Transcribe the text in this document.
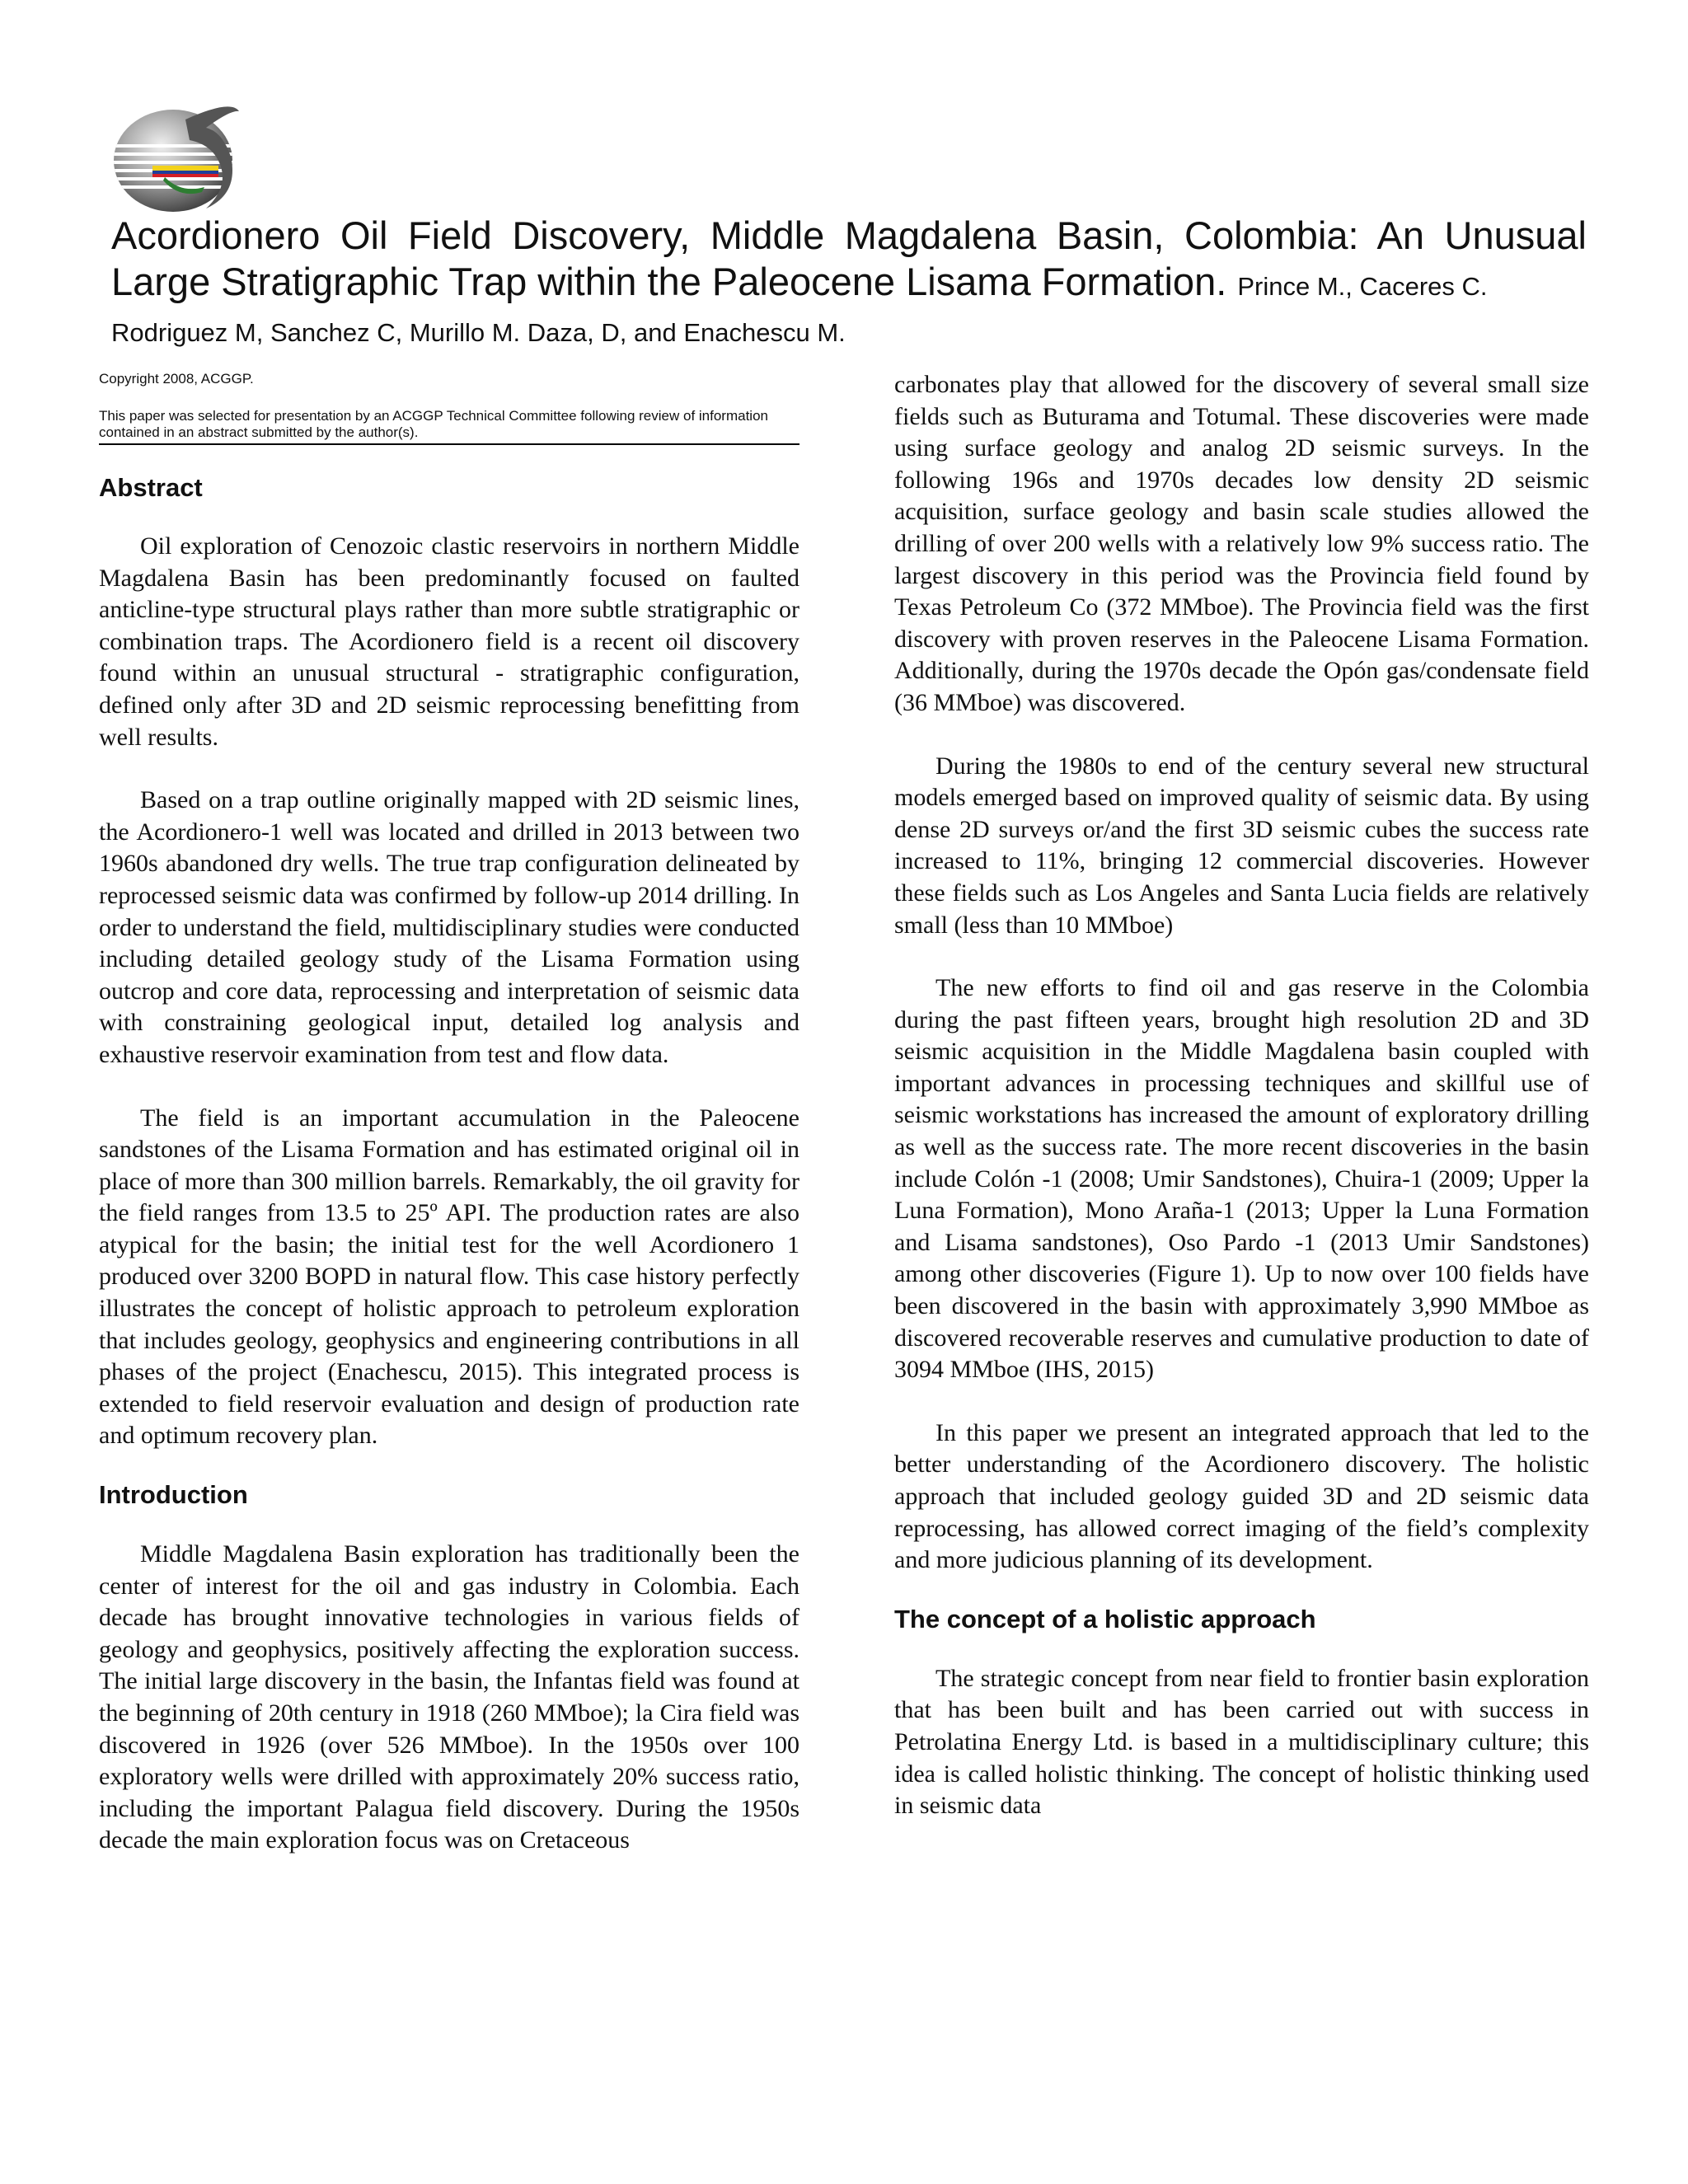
Acordionero Oil Field Discovery, Middle Magdalena Basin, Colombia: An Unusual

Large Stratigraphic Trap within the Paleocene Lisama Formation. Prince M., Caceres C.

Rodriguez M, Sanchez C, Murillo M. Daza, D, and Enachescu M.

Copyright 2008, ACGGP.

This paper was selected for presentation by an ACGGP Technical Committee following review of information contained in an abstract submitted by the author(s).

Abstract

Oil exploration of Cenozoic clastic reservoirs in northern Middle Magdalena Basin has been predominantly focused on faulted anticline-type structural plays rather than more subtle stratigraphic or combination traps. The Acordionero field is a recent oil discovery found within an unusual structural - stratigraphic configuration, defined only after 3D and 2D seismic reprocessing benefitting from well results.

Based on a trap outline originally mapped with 2D seismic lines, the Acordionero-1 well was located and drilled in 2013 between two 1960s abandoned dry wells. The true trap configuration delineated by reprocessed seismic data was confirmed by follow-up 2014 drilling. In order to understand the field, multidisciplinary studies were conducted including detailed geology study of the Lisama Formation using outcrop and core data, reprocessing and interpretation of seismic data with constraining geological input, detailed log analysis and exhaustive reservoir examination from test and flow data.

The field is an important accumulation in the Paleocene sandstones of the Lisama Formation and has estimated original oil in place of more than 300 million barrels. Remarkably, the oil gravity for the field ranges from 13.5 to 25º API. The production rates are also atypical for the basin; the initial test for the well Acordionero 1 produced over 3200 BOPD in natural flow. This case history perfectly illustrates the concept of holistic approach to petroleum exploration that includes geology, geophysics and engineering contributions in all phases of the project (Enachescu, 2015). This integrated process is extended to field reservoir evaluation and design of production rate and optimum recovery plan.

Introduction

Middle Magdalena Basin exploration has traditionally been the center of interest for the oil and gas industry in Colombia. Each decade has brought innovative technologies in various fields of geology and geophysics, positively affecting the exploration success. The initial large discovery in the basin, the Infantas field was found at the beginning of 20th century in 1918 (260 MMboe); la Cira field was discovered in 1926 (over 526 MMboe). In the 1950s over 100 exploratory wells were drilled with approximately 20% success ratio, including the important Palagua field discovery. During the 1950s decade the main exploration focus was on Cretaceous

carbonates play that allowed for the discovery of several small size fields such as Buturama and Totumal. These discoveries were made using surface geology and analog 2D seismic surveys. In the following 196s and 1970s decades low density 2D seismic acquisition, surface geology and basin scale studies allowed the drilling of over 200 wells with a relatively low 9% success ratio. The largest discovery in this period was the Provincia field found by Texas Petroleum Co (372 MMboe). The Provincia field was the first discovery with proven reserves in the Paleocene Lisama Formation. Additionally, during the 1970s decade the Opón gas/condensate field (36 MMboe) was discovered.

During the 1980s to end of the century several new structural models emerged based on improved quality of seismic data. By using dense 2D surveys or/and the first 3D seismic cubes the success rate increased to 11%, bringing 12 commercial discoveries. However these fields such as Los Angeles and Santa Lucia fields are relatively small (less than 10 MMboe)

The new efforts to find oil and gas reserve in the Colombia during the past fifteen years, brought high resolution 2D and 3D seismic acquisition in the Middle Magdalena basin coupled with important advances in processing techniques and skillful use of seismic workstations has increased the amount of exploratory drilling as well as the success rate. The more recent discoveries in the basin include Colón -1 (2008; Umir Sandstones), Chuira-1 (2009; Upper la Luna Formation), Mono Araña-1 (2013; Upper la Luna Formation and Lisama sandstones), Oso Pardo -1 (2013 Umir Sandstones) among other discoveries (Figure 1). Up to now over 100 fields have been discovered in the basin with approximately 3,990 MMboe as discovered recoverable reserves and cumulative production to date of 3094 MMboe (IHS, 2015)

In this paper we present an integrated approach that led to the better understanding of the Acordionero discovery. The holistic approach that included geology guided 3D and 2D seismic data reprocessing, has allowed correct imaging of the field’s complexity and more judicious planning of its development.

The concept of a holistic approach

The strategic concept from near field to frontier basin exploration that has been built and has been carried out with success in Petrolatina Energy Ltd. is based in a multidisciplinary culture; this idea is called holistic thinking. The concept of holistic thinking used in seismic data
